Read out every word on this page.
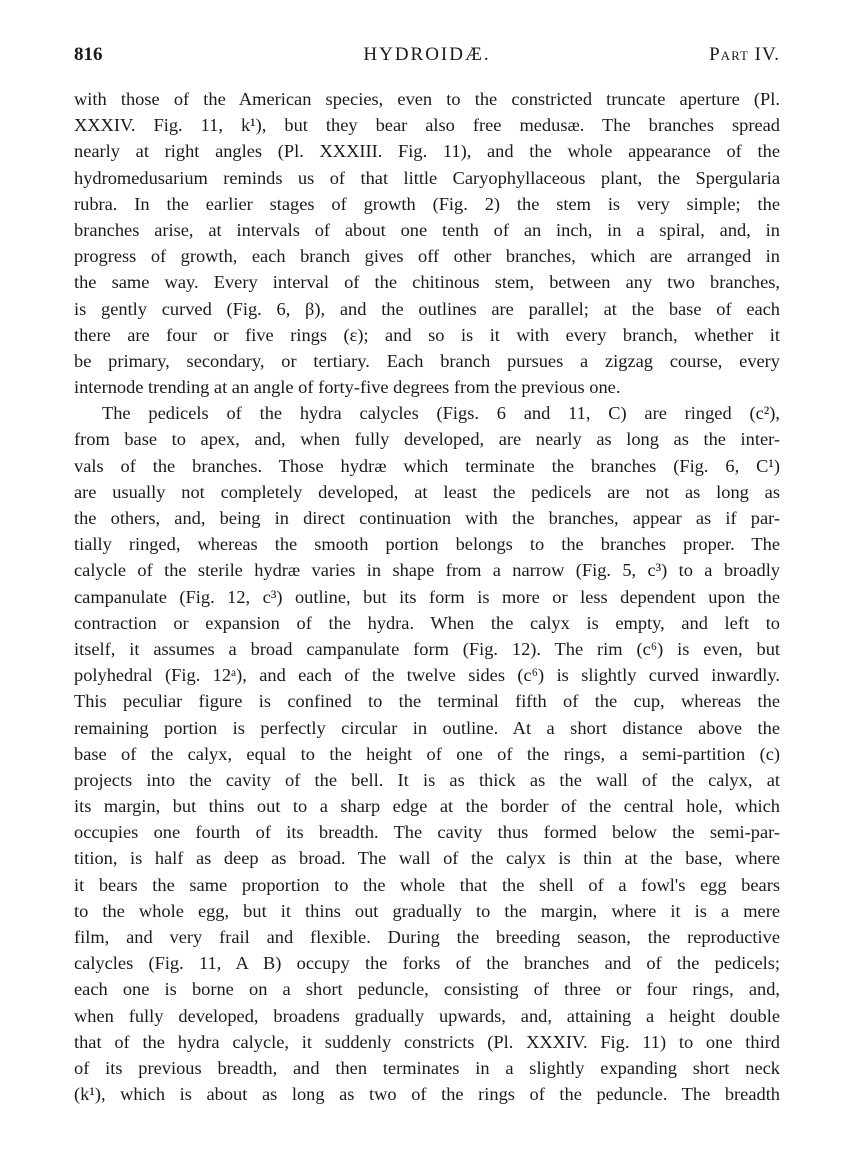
816	HYDROIDÆ.	Part IV.
with those of the American species, even to the constricted truncate aperture (Pl.
XXXIV. Fig. 11, k¹), but they bear also free medusæ. The branches spread
nearly at right angles (Pl. XXXIII. Fig. 11), and the whole appearance of the
hydromedusarium reminds us of that little Caryophyllaceous plant, the Spergularia
rubra. In the earlier stages of growth (Fig. 2) the stem is very simple; the
branches arise, at intervals of about one tenth of an inch, in a spiral, and, in
progress of growth, each branch gives off other branches, which are arranged in
the same way. Every interval of the chitinous stem, between any two branches,
is gently curved (Fig. 6, β), and the outlines are parallel; at the base of each
there are four or five rings (ε); and so is it with every branch, whether it
be primary, secondary, or tertiary. Each branch pursues a zigzag course, every
internode trending at an angle of forty-five degrees from the previous one.
The pedicels of the hydra calycles (Figs. 6 and 11, C) are ringed (c²),
from base to apex, and, when fully developed, are nearly as long as the inter-
vals of the branches. Those hydræ which terminate the branches (Fig. 6, C¹)
are usually not completely developed, at least the pedicels are not as long as
the others, and, being in direct continuation with the branches, appear as if par-
tially ringed, whereas the smooth portion belongs to the branches proper. The
calycle of the sterile hydræ varies in shape from a narrow (Fig. 5, c³) to a broadly
campanulate (Fig. 12, c³) outline, but its form is more or less dependent upon the
contraction or expansion of the hydra. When the calyx is empty, and left to
itself, it assumes a broad campanulate form (Fig. 12). The rim (c⁶) is even, but
polyhedral (Fig. 12ᵃ), and each of the twelve sides (c⁶) is slightly curved inwardly.
This peculiar figure is confined to the terminal fifth of the cup, whereas the
remaining portion is perfectly circular in outline. At a short distance above the
base of the calyx, equal to the height of one of the rings, a semi-partition (c)
projects into the cavity of the bell. It is as thick as the wall of the calyx, at
its margin, but thins out to a sharp edge at the border of the central hole, which
occupies one fourth of its breadth. The cavity thus formed below the semi-par-
tition, is half as deep as broad. The wall of the calyx is thin at the base, where
it bears the same proportion to the whole that the shell of a fowl's egg bears
to the whole egg, but it thins out gradually to the margin, where it is a mere
film, and very frail and flexible. During the breeding season, the reproductive
calycles (Fig. 11, A B) occupy the forks of the branches and of the pedicels;
each one is borne on a short peduncle, consisting of three or four rings, and,
when fully developed, broadens gradually upwards, and, attaining a height double
that of the hydra calycle, it suddenly constricts (Pl. XXXIV. Fig. 11) to one third
of its previous breadth, and then terminates in a slightly expanding short neck
(k¹), which is about as long as two of the rings of the peduncle. The breadth
